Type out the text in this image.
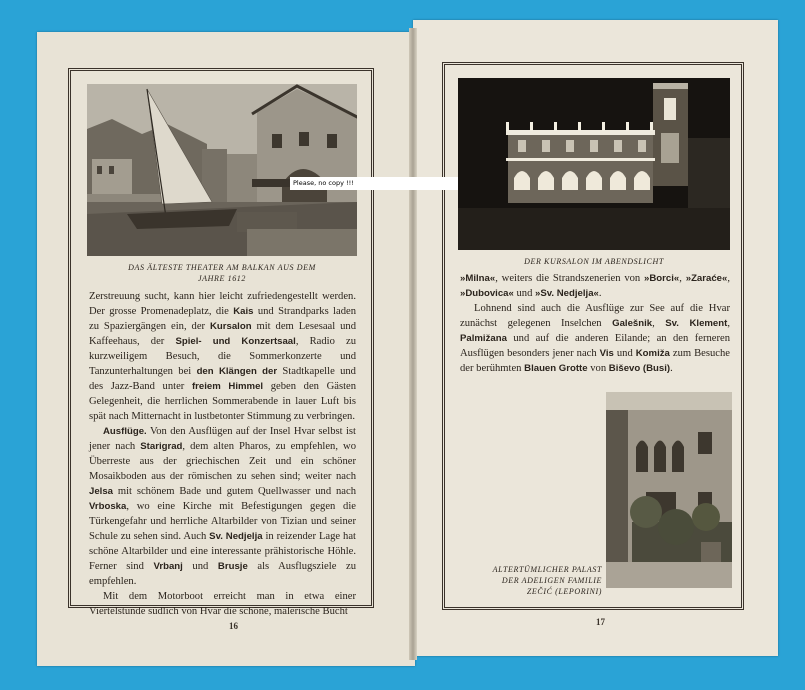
DAS ÄLTESTE THEATER AM BALKAN AUS DEM
JAHRE 1612
Please, no copy !!!

Zerstreuung sucht, kann hier leicht zufriedengestellt werden. Der grosse Promenadeplatz, die Kais und Strandparks laden zu Spaziergängen ein, der Kursalon mit dem Lesesaal und Kaffeehaus, der Spiel- und Konzertsaal, Radio zu kurzweiligem Besuch, die Sommerkonzerte und Tanzunterhaltungen bei den Klängen der Stadtkapelle und des Jazz-Band unter freiem Himmel geben den Gästen Gelegenheit, die herrlichen Sommerabende in lauer Luft bis spät nach Mitternacht in lustbetonter Stimmung zu verbringen.

Ausflüge. Von den Ausflügen auf der Insel Hvar selbst ist jener nach Starigrad, dem alten Pharos, zu empfehlen, wo Überreste aus der griechischen Zeit und ein schöner Mosaikboden aus der römischen zu sehen sind; weiter nach Jelsa mit schönem Bade und gutem Quellwasser und nach Vrboska, wo eine Kirche mit Befestigungen gegen die Türkengefahr und herrliche Altarbilder von Tizian und seiner Schule zu sehen sind. Auch Sv. Nedjelja in reizender Lage hat schöne Altarbilder und eine interessante prähistorische Höhle. Ferner sind Vrbanj und Brusje als Ausflugsziele zu empfehlen.

Mit dem Motorboot erreicht man in etwa einer Viertelstunde südlich von Hvar die schöne, malerische Bucht

16
DER KURSALON IM ABENDSLICHT

»Milna«, weiters die Strandszenerien von »Borci«, »Zaraće«, »Dubovica« und »Sv. Nedjelja«.

Lohnend sind auch die Ausflüge zur See auf die Hvar zunächst gelegenen Inselchen Galešnik, Sv. Klement, Palmižana und auf die anderen Eilande; an den ferneren Ausflügen besonders jener nach Vis und Komiža zum Besuche der berühmten Blauen Grotte von Biševo (Busi).

ALTERTÜMLICHER PALAST
DER ADELIGEN FAMILIE
ZEČIĆ (LEPORINI)
17
